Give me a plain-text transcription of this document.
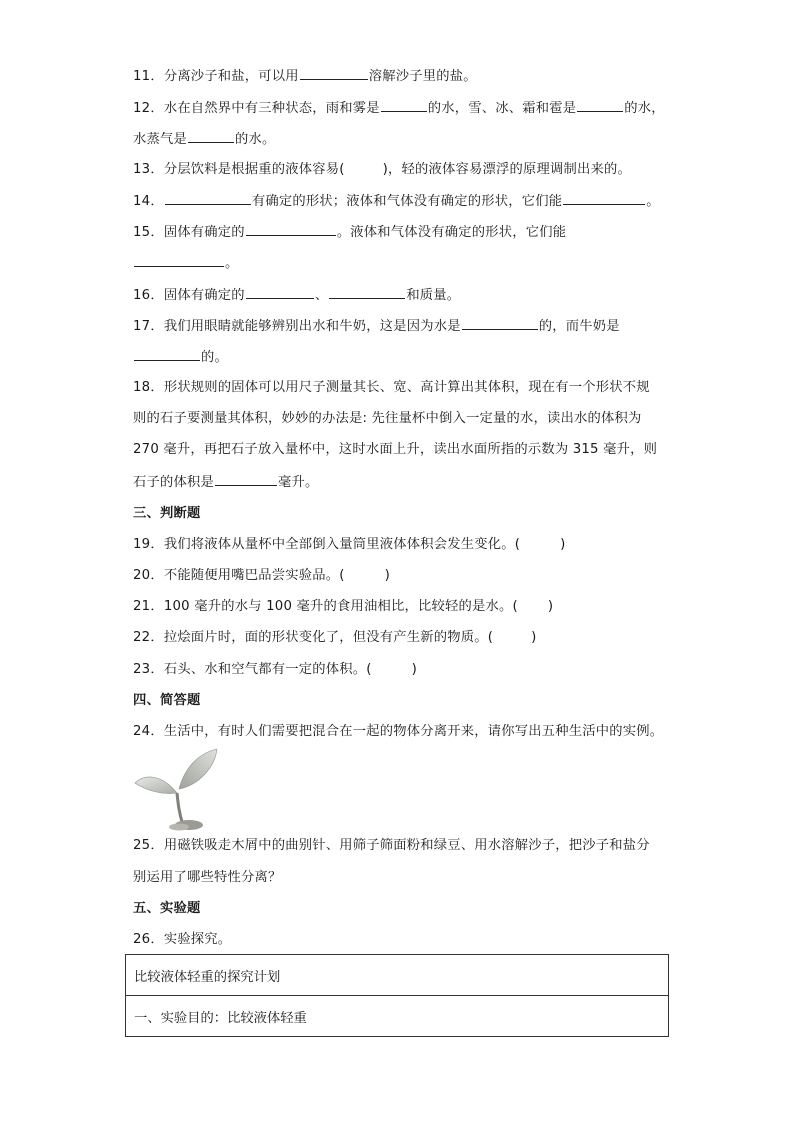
11．分离沙子和盐，可以用	溶解沙子里的盐。
12．水在自然界中有三种状态，雨和雾是	的水，雪、冰、霜和雹是	的水，
水蒸气是	的水。
13．分层饮料是根据重的液体容易(	)，轻的液体容易漂浮的原理调制出来的。
14．	有确定的形状；液体和气体没有确定的形状，它们能	。
15．固体有确定的	。液体和气体没有确定的形状，它们能
。
16．固体有确定的	、	和质量。
17．我们用眼睛就能够辨别出水和牛奶，这是因为水是	的，而牛奶是
的。
18．形状规则的固体可以用尺子测量其长、宽、高计算出其体积，现在有一个形状不规
则的石子要测量其体积，妙妙的办法是: 先往量杯中倒入一定量的水，读出水的体积为
270 毫升，再把石子放入量杯中，这时水面上升，读出水面所指的示数为 315 毫升，则
石子的体积是	毫升。
三、判断题
19．我们将液体从量杯中全部倒入量筒里液体体积会发生变化。(	)
20．不能随便用嘴巴品尝实验品。(	)
21．100 毫升的水与 100 毫升的食用油相比，比较轻的是水。( )
22．拉烩面片时，面的形状变化了，但没有产生新的物质。(	)
23．石头、水和空气都有一定的体积。(	)
四、简答题
24．生活中，有时人们需要把混合在一起的物体分离开来，请你写出五种生活中的实例。
25．用磁铁吸走木屑中的曲别针、用筛子筛面粉和绿豆、用水溶解沙子，把沙子和盐分
别运用了哪些特性分离？
五、实验题
26．实验探究。
比较液体轻重的探究计划
一、实验目的：比较液体轻重
